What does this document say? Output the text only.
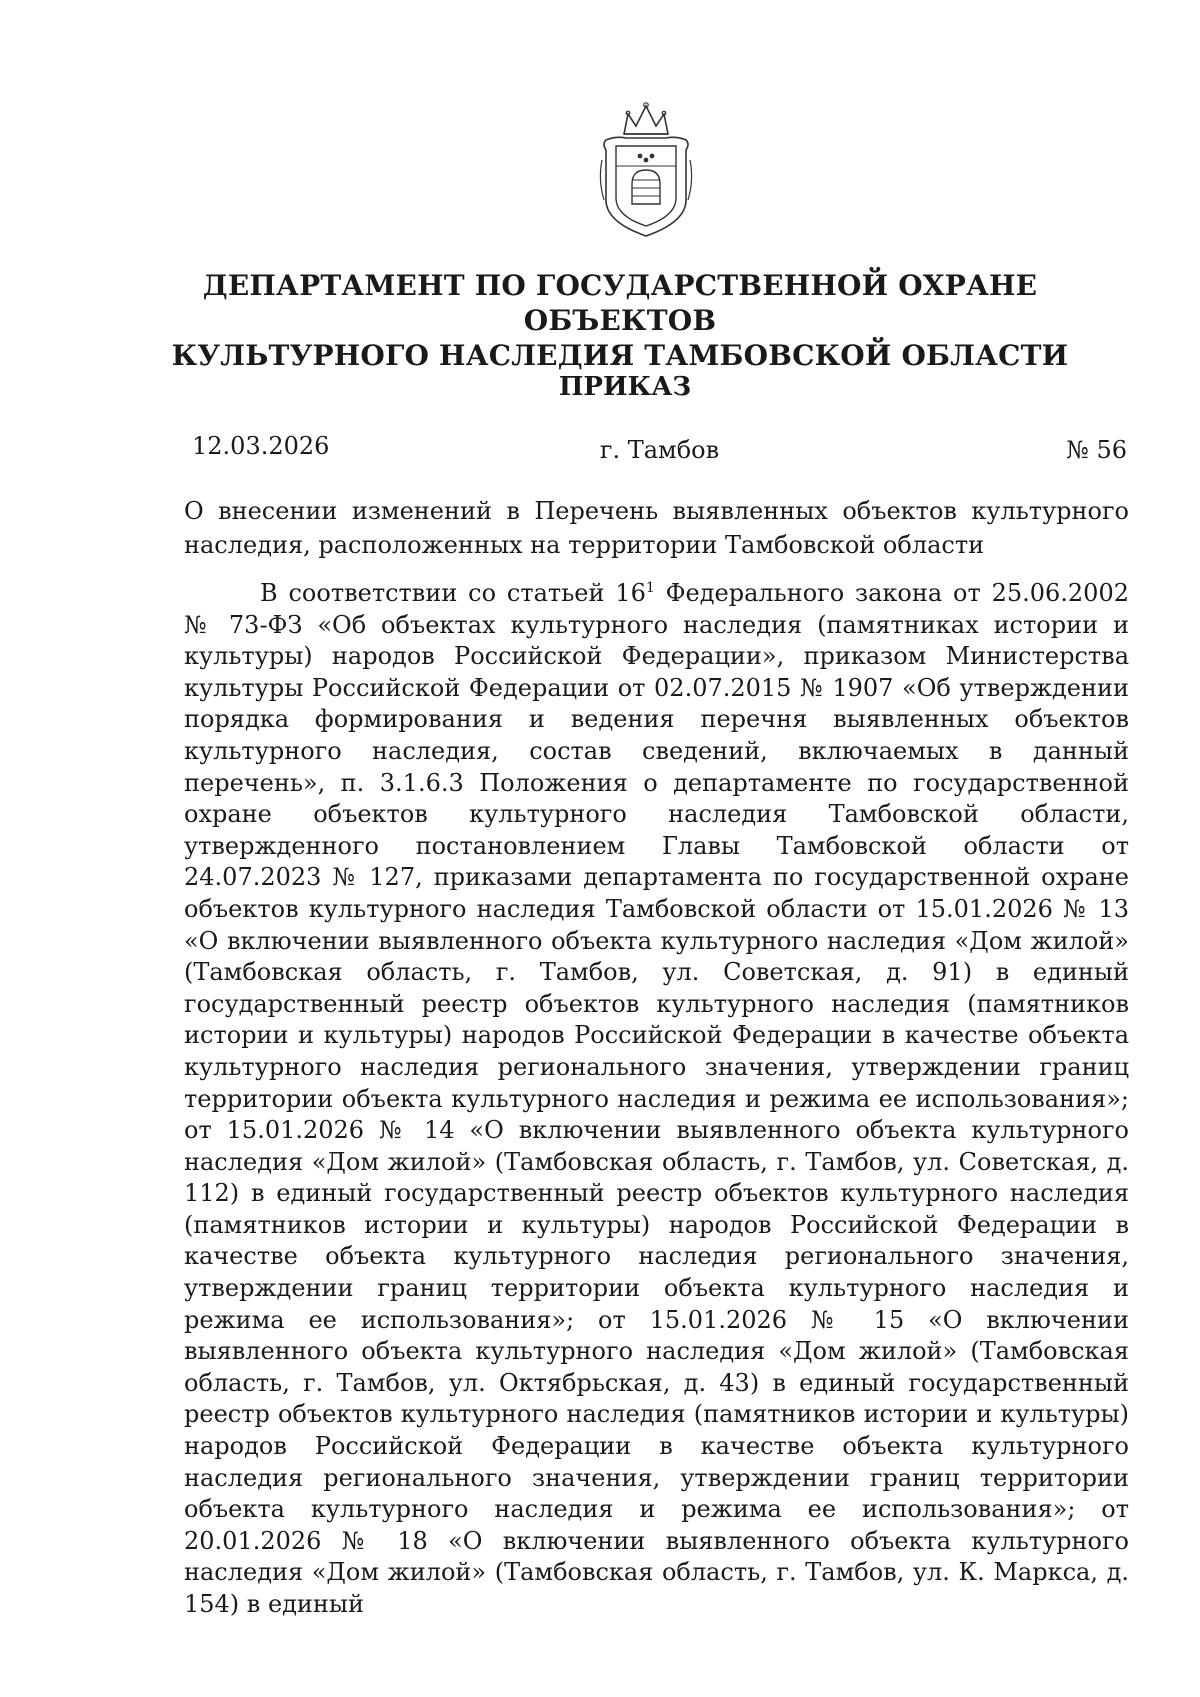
ДЕПАРТАМЕНТ ПО ГОСУДАРСТВЕННОЙ ОХРАНЕ ОБЪЕКТОВ
КУЛЬТУРНОГО НАСЛЕДИЯ ТАМБОВСКОЙ ОБЛАСТИ
ПРИКАЗ
12.03.2026	г. Тамбов	№ 56
О внесении изменений в Перечень выявленных объектов культурного наследия, расположенных на территории Тамбовской области

В соответствии со статьей $16^1$ Федерального закона от 25.06.2002 № 73-ФЗ «Об объектах культурного наследия (памятниках истории и культуры) народов Российской Федерации», приказом Министерства культуры Российской Федерации от 02.07.2015 № 1907 «Об утверждении порядка формирования и ведения перечня выявленных объектов культурного наследия, состав сведений, включаемых в данный перечень», п. 3.1.6.3 Положения о департаменте по государственной охране объектов культурного наследия Тамбовской области, утвержденного постановлением Главы Тамбовской области от 24.07.2023 № 127, приказами департамента по государственной охране объектов культурного наследия Тамбовской области от 15.01.2026 № 13 «О включении выявленного объекта культурного наследия «Дом жилой» (Тамбовская область, г. Тамбов, ул. Советская, д. 91) в единый государственный реестр объектов культурного наследия (памятников истории и культуры) народов Российской Федерации в качестве объекта культурного наследия регионального значения, утверждении границ территории объекта культурного наследия и режима ее использования»; от 15.01.2026 № 14 «О включении выявленного объекта культурного наследия «Дом жилой» (Тамбовская область, г. Тамбов, ул. Советская, д. 112) в единый государственный реестр объектов культурного наследия (памятников истории и культуры) народов Российской Федерации в качестве объекта культурного наследия регионального значения, утверждении границ территории объекта культурного наследия и режима ее использования»; от 15.01.2026 № 15 «О включении выявленного объекта культурного наследия «Дом жилой» (Тамбовская область, г. Тамбов, ул. Октябрьская, д. 43) в единый государственный реестр объектов культурного наследия (памятников истории и культуры) народов Российской Федерации в качестве объекта культурного наследия регионального значения, утверждении границ территории объекта культурного наследия и режима ее использования»; от 20.01.2026 № 18 «О включении выявленного объекта культурного наследия «Дом жилой» (Тамбовская область, г. Тамбов, ул. К. Маркса, д. 154) в единый
